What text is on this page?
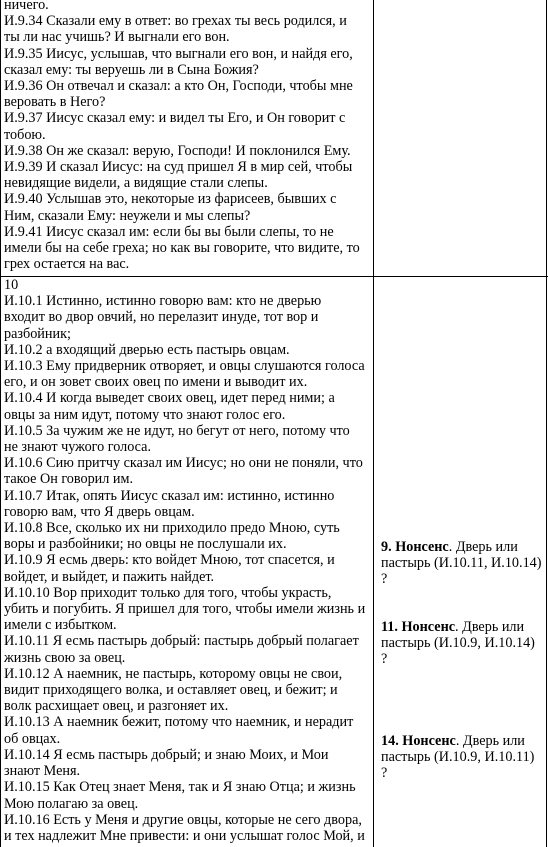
ничего.
И.9.34 Сказали ему в ответ: во грехах ты весь родился, и
ты ли нас учишь? И выгнали его вон.
И.9.35 Иисус, услышав, что выгнали его вон, и найдя его,
сказал ему: ты веруешь ли в Сына Божия?
И.9.36 Он отвечал и сказал: а кто Он, Господи, чтобы мне
веровать в Него?
И.9.37 Иисус сказал ему: и видел ты Его, и Он говорит с
тобою.
И.9.38 Он же сказал: верую, Господи! И поклонился Ему.
И.9.39 И сказал Иисус: на суд пришел Я в мир сей, чтобы
невидящие видели, а видящие стали слепы.
И.9.40 Услышав это, некоторые из фарисеев, бывших с
Ним, сказали Ему: неужели и мы слепы?
И.9.41 Иисус сказал им: если бы вы были слепы, то не
имели бы на себе греха; но как вы говорите, что видите, то
грех остается на вас.
10
И.10.1 Истинно, истинно говорю вам: кто не дверью
входит во двор овчий, но перелазит инуде, тот вор и
разбойник;
И.10.2 а входящий дверью есть пастырь овцам.
И.10.3 Ему придверник отворяет, и овцы слушаются голоса
его, и он зовет своих овец по имени и выводит их.
И.10.4 И когда выведет своих овец, идет перед ними; а
овцы за ним идут, потому что знают голос его.
И.10.5 За чужим же не идут, но бегут от него, потому что
не знают чужого голоса.
И.10.6 Сию притчу сказал им Иисус; но они не поняли, что
такое Он говорил им.
И.10.7 Итак, опять Иисус сказал им: истинно, истинно
говорю вам, что Я дверь овцам.
И.10.8 Все, сколько их ни приходило предо Мною, суть
воры и разбойники; но овцы не послушали их.
И.10.9 Я есмь дверь: кто войдет Мною, тот спасется, и
войдет, и выйдет, и пажить найдет.
И.10.10 Вор приходит только для того, чтобы украсть,
убить и погубить. Я пришел для того, чтобы имели жизнь и
имели с избытком.
И.10.11 Я есмь пастырь добрый: пастырь добрый полагает
жизнь свою за овец.
И.10.12 А наемник, не пастырь, которому овцы не свои,
видит приходящего волка, и оставляет овец, и бежит; и
волк расхищает овец, и разгоняет их.
И.10.13 А наемник бежит, потому что наемник, и нерадит
об овцах.
И.10.14 Я есмь пастырь добрый; и знаю Моих, и Мои
знают Меня.
И.10.15 Как Отец знает Меня, так и Я знаю Отца; и жизнь
Мою полагаю за овец.
И.10.16 Есть у Меня и другие овцы, которые не сего двора,
и тех надлежит Мне привести: и они услышат голос Мой, и
9. Нонсенс. Дверь или
пастырь (И.10.11, И.10.14)
?
11. Нонсенс. Дверь или
пастырь (И.10.9, И.10.14)
?
14. Нонсенс. Дверь или
пастырь (И.10.9, И.10.11)
?
